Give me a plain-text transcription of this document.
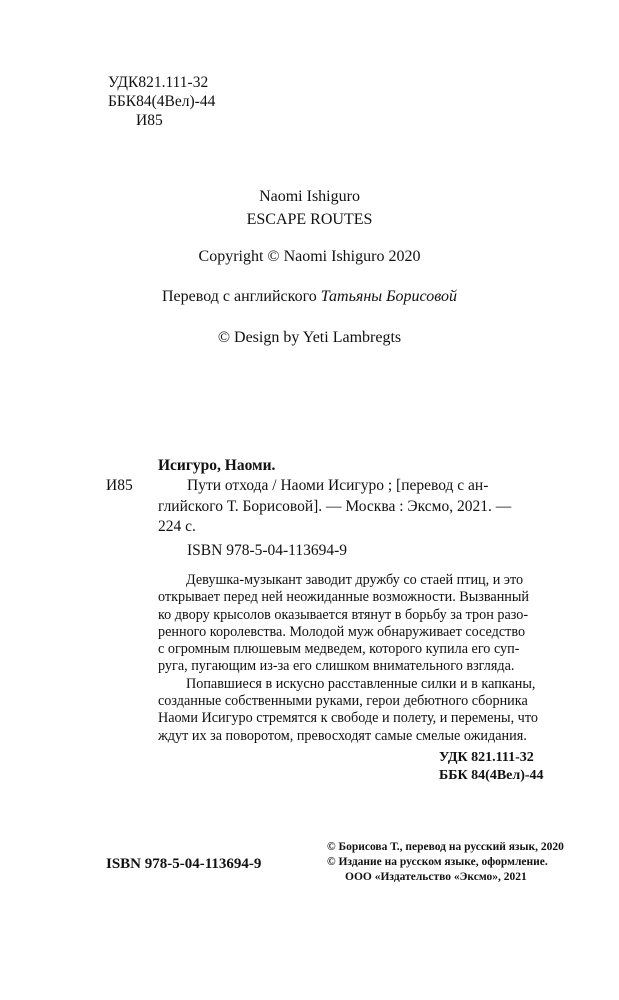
УДК821.111-32
ББК84(4Вел)-44
И85
Naomi Ishiguro
ESCAPE ROUTES
Copyright © Naomi Ishiguro 2020
Перевод с английского Татьяны Борисовой
© Design by Yeti Lambregts
Исигуро, Наоми.
И85	Пути отхода / Наоми Исигуро ; [перевод с ан-
глийского Т. Борисовой]. — Москва : Эксмо, 2021. —
224 с.
ISBN 978-5-04-113694-9

Девушка-музыкант заводит дружбу со стаей птиц, и это

открывает перед ней неожиданные возможности. Вызванный

ко двору крысолов оказывается втянут в борьбу за трон разо-

ренного королевства. Молодой муж обнаруживает соседство

с огромным плюшевым медведем, которого купила его суп-

руга, пугающим из-за его слишком внимательного взгляда.

Попавшиеся в искусно расставленные силки и в капканы,

созданные собственными руками, герои дебютного сборника

Наоми Исигуро стремятся к свободе и полету, и перемены, что

ждут их за поворотом, превосходят самые смелые ожидания.

УДК 821.111-32
ББК 84(4Вел)-44
ISBN 978-5-04-113694-9
© Борисова Т., перевод на русский язык, 2020
© Издание на русском языке, оформление.
ООО «Издательство «Эксмо», 2021
